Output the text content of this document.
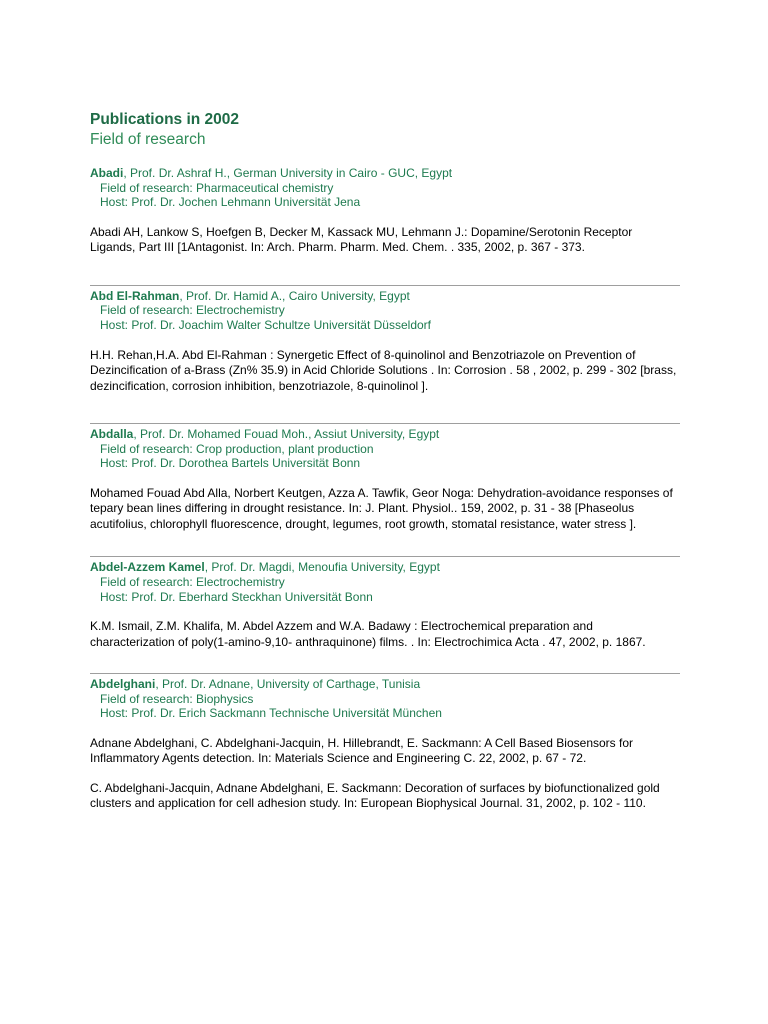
Publications in 2002
Field of research
Abadi, Prof. Dr. Ashraf H., German University in Cairo - GUC, Egypt
Field of research: Pharmaceutical chemistry
Host: Prof. Dr. Jochen Lehmann Universität Jena
Abadi AH, Lankow S, Hoefgen B, Decker M, Kassack MU, Lehmann J.: Dopamine/Serotonin Receptor Ligands, Part III [1Antagonist. In: Arch. Pharm. Pharm. Med. Chem. . 335, 2002, p. 367 - 373.
Abd El-Rahman, Prof. Dr. Hamid A., Cairo University, Egypt
Field of research: Electrochemistry
Host: Prof. Dr. Joachim Walter Schultze Universität Düsseldorf
H.H. Rehan,H.A. Abd El-Rahman : Synergetic Effect of 8-quinolinol and Benzotriazole on Prevention of Dezincification of a-Brass (Zn% 35.9) in Acid Chloride Solutions . In: Corrosion . 58 , 2002, p. 299 - 302 [brass, dezincification, corrosion inhibition, benzotriazole, 8-quinolinol ].
Abdalla, Prof. Dr. Mohamed Fouad Moh., Assiut University, Egypt
Field of research: Crop production, plant production
Host: Prof. Dr. Dorothea Bartels Universität Bonn
Mohamed Fouad Abd Alla, Norbert Keutgen, Azza A. Tawfik, Geor Noga: Dehydration-avoidance responses of tepary bean lines differing in drought resistance. In: J. Plant. Physiol.. 159, 2002, p. 31 - 38 [Phaseolus acutifolius, chlorophyll fluorescence, drought, legumes, root growth, stomatal resistance, water stress ].
Abdel-Azzem Kamel, Prof. Dr. Magdi, Menoufia University, Egypt
Field of research: Electrochemistry
Host: Prof. Dr. Eberhard Steckhan Universität Bonn
K.M. Ismail, Z.M. Khalifa, M. Abdel Azzem and W.A. Badawy : Electrochemical preparation and characterization of poly(1-amino-9,10- anthraquinone) films. . In: Electrochimica Acta . 47, 2002, p. 1867.
Abdelghani, Prof. Dr. Adnane, University of Carthage, Tunisia
Field of research: Biophysics
Host: Prof. Dr. Erich Sackmann Technische Universität München
Adnane Abdelghani, C. Abdelghani-Jacquin, H. Hillebrandt, E. Sackmann: A Cell Based Biosensors for Inflammatory Agents detection. In: Materials Science and Engineering C. 22, 2002, p. 67 - 72.
C. Abdelghani-Jacquin, Adnane Abdelghani, E. Sackmann: Decoration of surfaces by biofunctionalized gold clusters and application for cell adhesion study. In: European Biophysical Journal. 31, 2002, p. 102 - 110.
